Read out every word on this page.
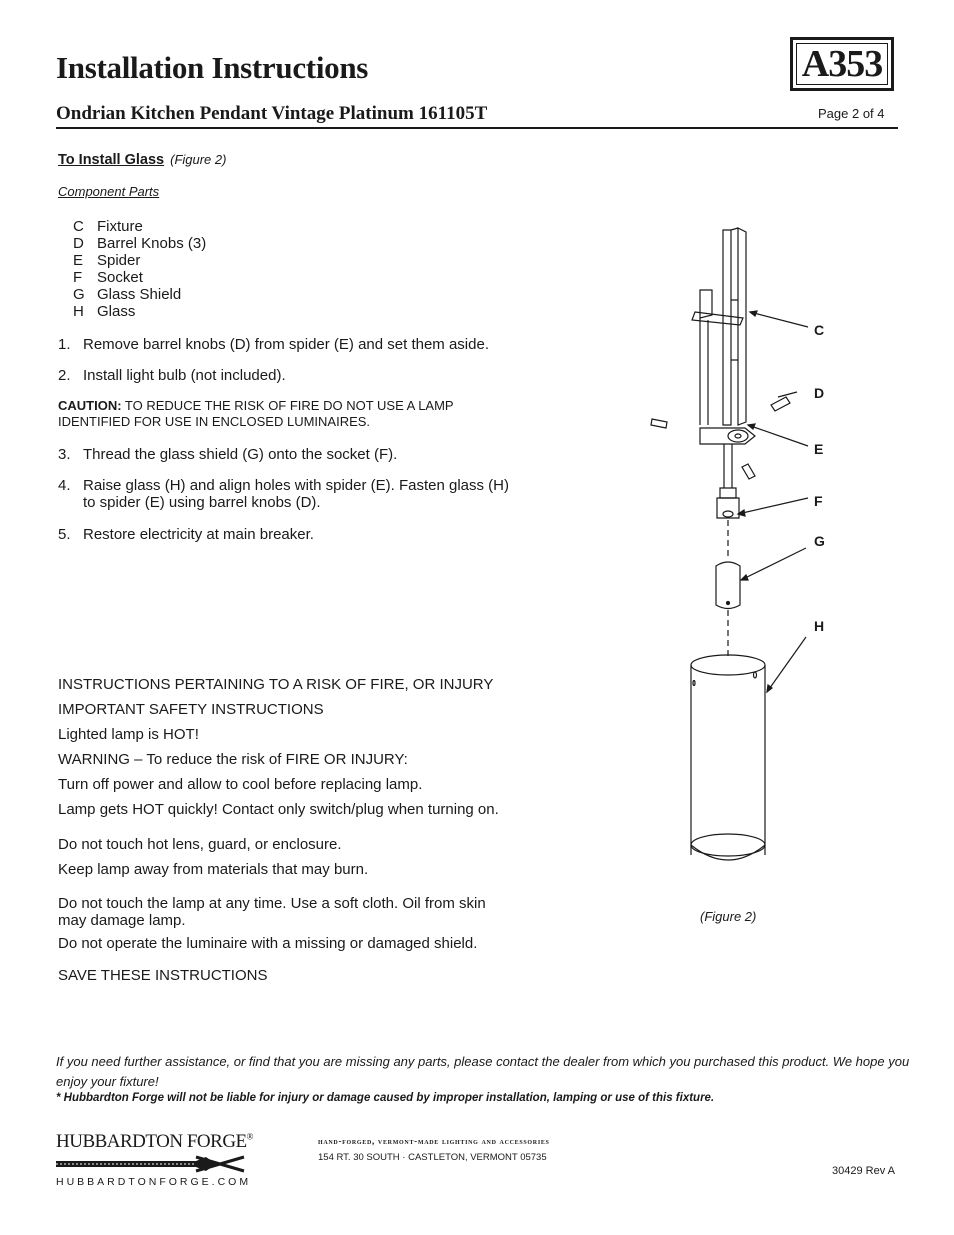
Installation Instructions	A353
Ondrian Kitchen Pendant Vintage Platinum 161105T	Page 2 of 4
To Install Glass (Figure 2)
Component Parts
C Fixture
D Barrel Knobs (3)
E Spider
F Socket
G Glass Shield
H Glass
1. Remove barrel knobs (D) from spider (E) and set them aside.
2. Install light bulb (not included).
CAUTION: TO REDUCE THE RISK OF FIRE DO NOT USE A LAMP IDENTIFIED FOR USE IN ENCLOSED LUMINAIRES.
3. Thread the glass shield (G) onto the socket (F).
4. Raise glass (H) and align holes with spider (E). Fasten glass (H) to spider (E) using barrel knobs (D).
5. Restore electricity at main breaker.
INSTRUCTIONS PERTAINING TO A RISK OF FIRE, OR INJURY
IMPORTANT SAFETY INSTRUCTIONS
Lighted lamp is HOT!
WARNING – To reduce the risk of FIRE OR INJURY:
Turn off power and allow to cool before replacing lamp.
Lamp gets HOT quickly! Contact only switch/plug when turning on.
Do not touch hot lens, guard, or enclosure.
Keep lamp away from materials that may burn.
Do not touch the lamp at any time. Use a soft cloth. Oil from skin may damage lamp.
Do not operate the luminaire with a missing or damaged shield.
SAVE THESE INSTRUCTIONS
C
D
E
F
G
H
(Figure 2)
If you need further assistance, or find that you are missing any parts, please contact the dealer from which you purchased this product. We hope you enjoy your fixture!
* Hubbardton Forge will not be liable for injury or damage caused by improper installation, lamping or use of this fixture.
HUBBARDTON FORGE®
HUBBARDTONFORGE.COM
hand-forged, vermont-made lighting and accessories
154 RT. 30 SOUTH · CASTLETON, VERMONT 05735
30429 Rev A
